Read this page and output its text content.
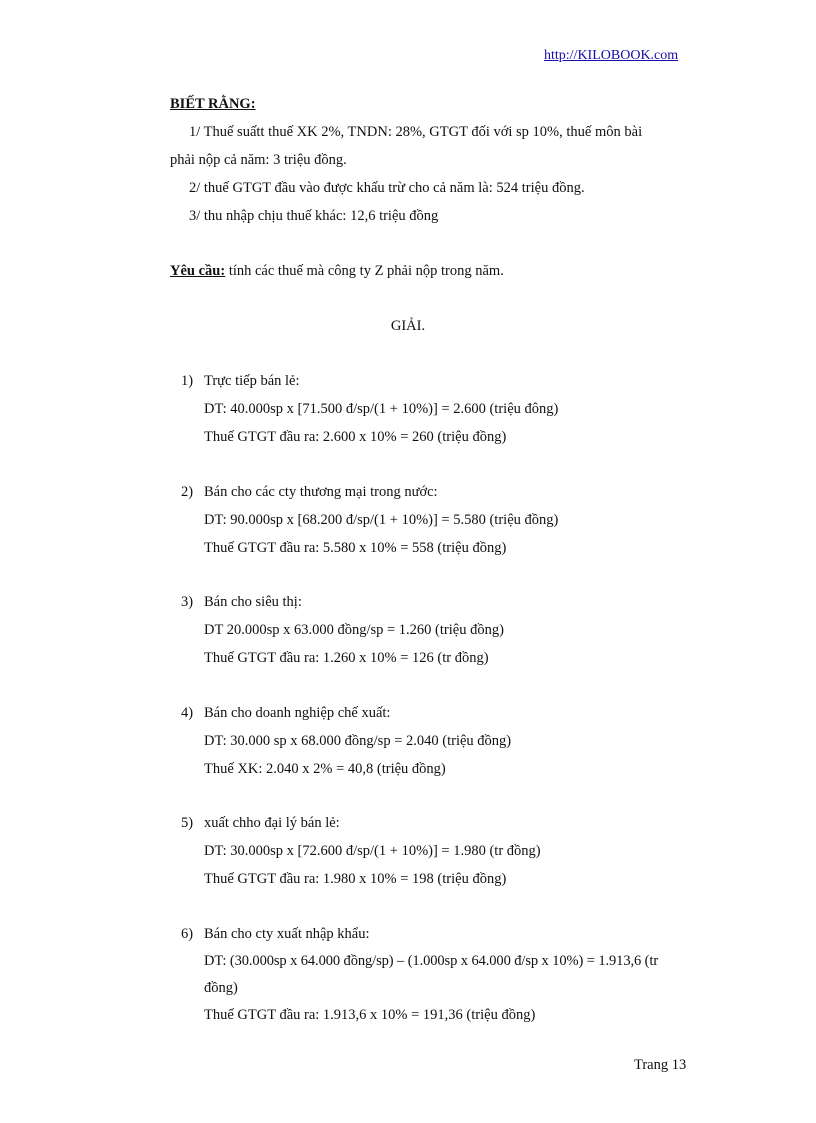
http://KILOBOOK.com
BIẾT RẰNG:
1/ Thuế suấtt thuế XK 2%, TNDN: 28%, GTGT đối với sp 10%, thuế môn bài
phải nộp cả năm: 3 triệu đồng.
2/ thuế GTGT đầu vào được khấu trừ cho cả năm là: 524 triệu đồng.
3/ thu nhập chịu thuế khác: 12,6 triệu đồng
Yêu cầu: tính các thuế mà công ty Z phải nộp trong năm.
GIẢI.
1) Trực tiếp bán lẻ:
DT: 40.000sp x [71.500 đ/sp/(1 + 10%)] = 2.600 (triệu đông)
Thuế GTGT đầu ra: 2.600 x 10% = 260 (triệu đồng)
2) Bán cho các cty thương mại trong nước:
DT: 90.000sp x [68.200 đ/sp/(1 + 10%)] = 5.580 (triệu đồng)
Thuế GTGT đầu ra: 5.580 x 10% = 558 (triệu đồng)
3) Bán cho siêu thị:
DT 20.000sp x 63.000 đồng/sp = 1.260 (triệu đồng)
Thuế GTGT đầu ra: 1.260 x 10% = 126 (tr đồng)
4) Bán cho doanh nghiệp chế xuất:
DT: 30.000 sp x 68.000 đồng/sp = 2.040 (triệu đồng)
Thuế XK: 2.040 x 2% = 40,8 (triệu đồng)
5) xuất chho đại lý bán lẻ:
DT: 30.000sp x [72.600 đ/sp/(1 + 10%)] = 1.980 (tr đồng)
Thuế GTGT đầu ra: 1.980 x 10% = 198 (triệu đồng)
6) Bán cho cty xuất nhập khẩu:
DT: (30.000sp x 64.000 đồng/sp) – (1.000sp x 64.000 đ/sp x 10%) = 1.913,6 (tr
đồng)
Thuế GTGT đầu ra: 1.913,6 x 10% = 191,36 (triệu đồng)
Trang 13
